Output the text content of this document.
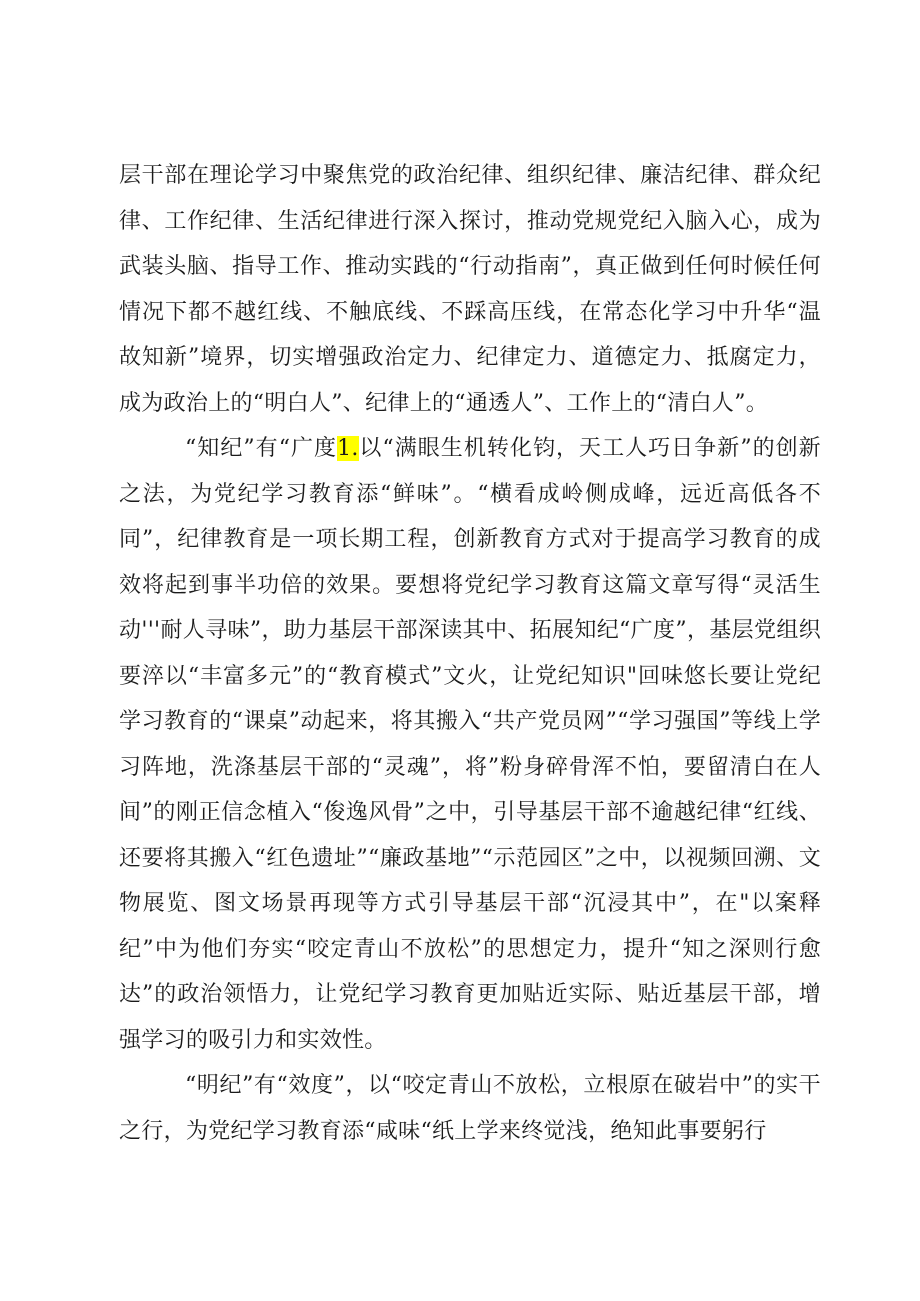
层干部在理论学习中聚焦党的政治纪律、组织纪律、廉洁纪律、群众纪律、工作纪律、生活纪律进行深入探讨，推动党规党纪入脑入心，成为武装头脑、指导工作、推动实践的“行动指南”，真正做到任何时候任何情况下都不越红线、不触底线、不踩高压线，在常态化学习中升华“温故知新”境界，切实增强政治定力、纪律定力、道德定力、抵腐定力，成为政治上的“明白人”、纪律上的“通透人”、工作上的“清白人”。

“知纪”有“广度1.以“满眼生机转化钧，天工人巧日争新”的创新之法，为党纪学习教育添“鲜味”。“横看成岭侧成峰，远近高低各不同”，纪律教育是一项长期工程，创新教育方式对于提高学习教育的成效将起到事半功倍的效果。要想将党纪学习教育这篇文章写得“灵活生动'''耐人寻味”，助力基层干部深读其中、拓展知纪“广度”，基层党组织要淬以“丰富多元”的“教育模式”文火，让党纪知识"回味悠长要让党纪学习教育的“课桌”动起来，将其搬入“共产党员网”“学习强国”等线上学习阵地，洗涤基层干部的“灵魂”，将”粉身碎骨浑不怕，要留清白在人间”的刚正信念植入“俊逸风骨”之中，引导基层干部不逾越纪律“红线、还要将其搬入“红色遗址”“廉政基地”“示范园区”之中，以视频回溯、文物展览、图文场景再现等方式引导基层干部“沉浸其中”，在"以案释纪”中为他们夯实“咬定青山不放松”的思想定力，提升“知之深则行愈达”的政治领悟力，让党纪学习教育更加贴近实际、贴近基层干部，增强学习的吸引力和实效性。

“明纪”有“效度”，以“咬定青山不放松，立根原在破岩中”的实干之行，为党纪学习教育添“咸味“纸上学来终觉浅，绝知此事要躬行
